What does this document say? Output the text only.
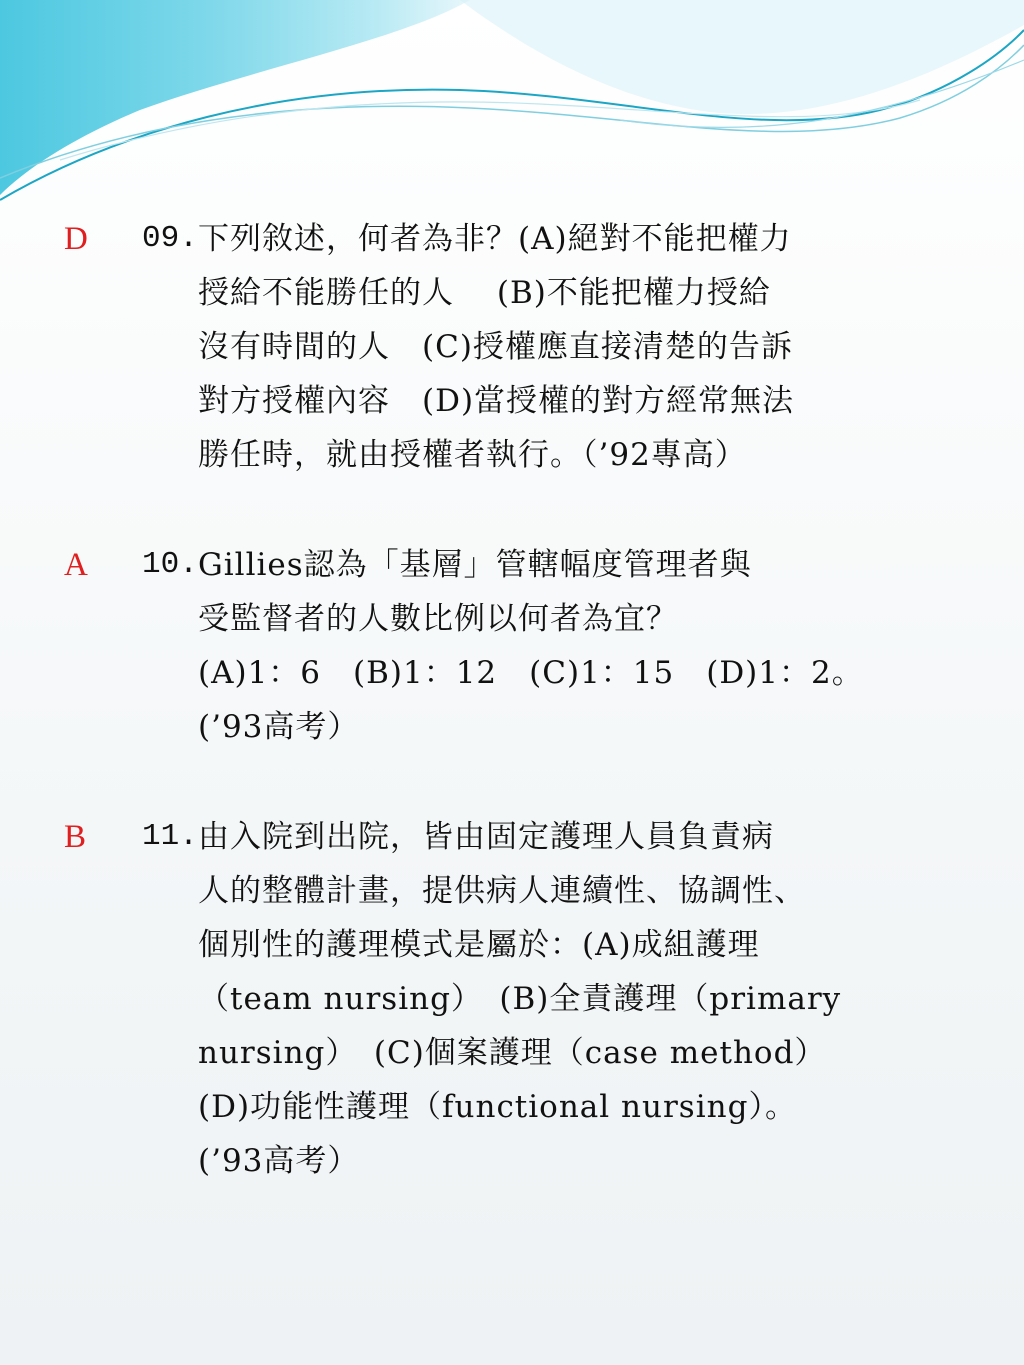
D 09. 下列敘述，何者為非？(A)絕對不能把權力
授給不能勝任的人　 (B)不能把權力授給
沒有時間的人　(C)授權應直接清楚的告訴
對方授權內容　(D)當授權的對方經常無法
勝任時，就由授權者執行。（’92專高）
A 10. Gillies認為「基層」管轄幅度管理者與
受監督者的人數比例以何者為宜？
(A)1：6　(B)1：12　(C)1：15　(D)1：2。
(’93高考）
B 11. 由入院到出院，皆由固定護理人員負責病
人的整體計畫，提供病人連續性、協調性、
個別性的護理模式是屬於：(A)成組護理
（team nursing）　(B)全責護理（primary
nursing）　(C)個案護理（case method）
(D)功能性護理（functional nursing）。
(’93高考）
